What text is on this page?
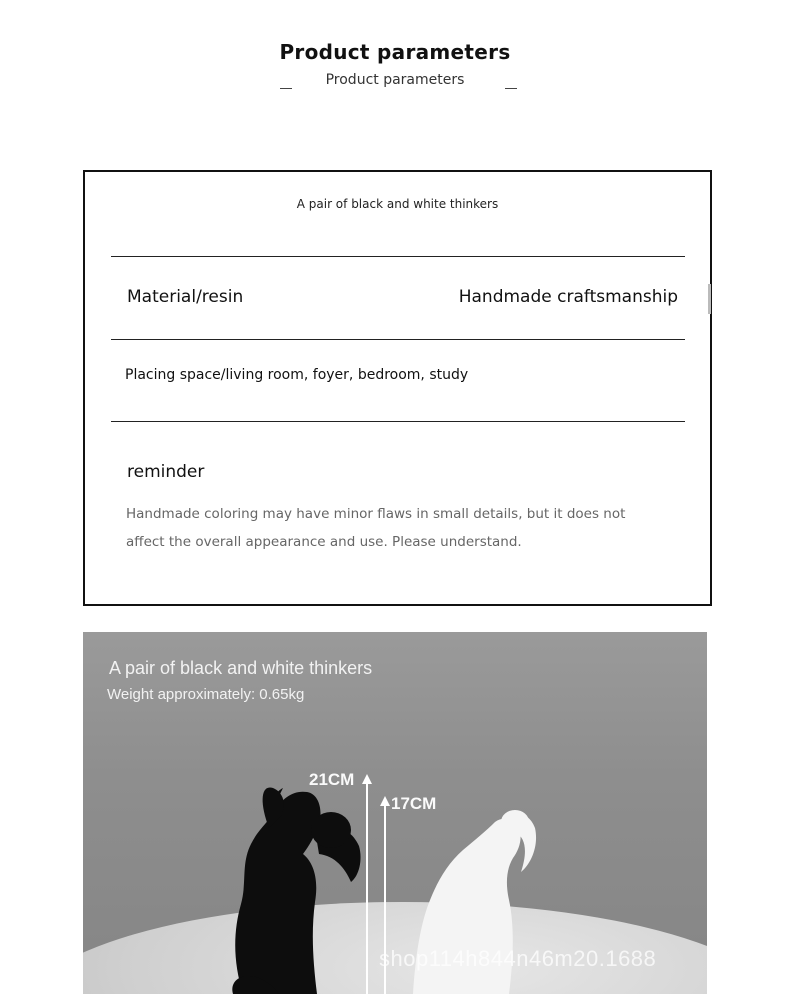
Product parameters
Product parameters
A pair of black and white thinkers
Material/resin	Handmade craftsmanship
Placing space/living room, foyer, bedroom, study
reminder
Handmade coloring may have minor flaws in small details, but it does not affect the overall appearance and use. Please understand.
A pair of black and white thinkers
Weight approximately: 0.65kg
21CM
17CM
shop114h844n46m20.1688
